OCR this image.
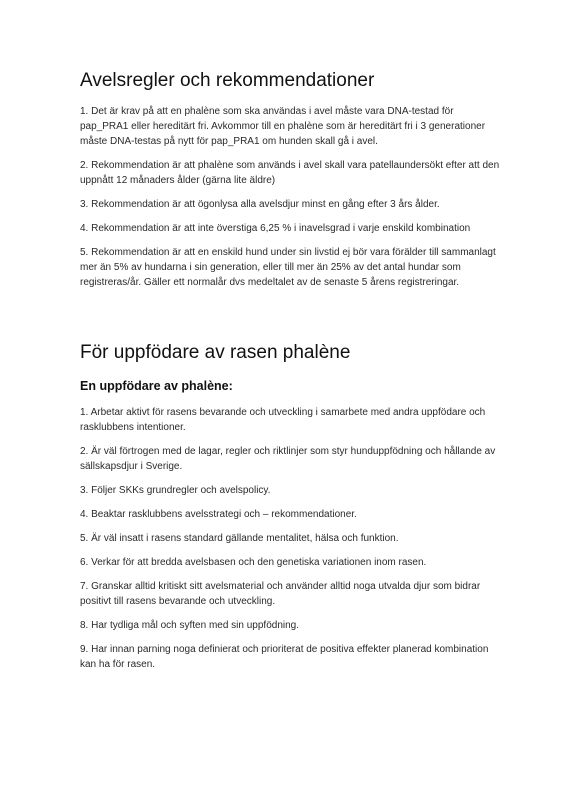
Avelsregler och rekommendationer

1. Det är krav på att en phalène som ska användas i avel måste vara DNA-testad för pap_PRA1 eller hereditärt fri. Avkommor till en phalène som är hereditärt fri i 3 generationer måste DNA-testas på nytt för pap_PRA1 om hunden skall gå i avel.

2. Rekommendation är att phalène som används i avel skall vara patellaundersökt efter att den uppnått 12 månaders ålder (gärna lite äldre)

3. Rekommendation är att ögonlysa alla avelsdjur minst en gång efter 3 års ålder.

4. Rekommendation är att inte överstiga 6,25 % i inavelsgrad i varje enskild kombination

5. Rekommendation är att en enskild hund under sin livstid ej bör vara förälder till sammanlagt mer än 5% av hundarna i sin generation, eller till mer än 25% av det antal hundar som registreras/år. Gäller ett normalår dvs medeltalet av de senaste 5 årens registreringar.

För uppfödare av rasen phalène
En uppfödare av phalène:

1. Arbetar aktivt för rasens bevarande och utveckling i samarbete med andra uppfödare och rasklubbens intentioner.

2. Är väl förtrogen med de lagar, regler och riktlinjer som styr hunduppfödning och hållande av sällskapsdjur i Sverige.

3. Följer SKKs grundregler och avelspolicy.

4. Beaktar rasklubbens avelsstrategi och – rekommendationer.

5. Är väl insatt i rasens standard gällande mentalitet, hälsa och funktion.

6. Verkar för att bredda avelsbasen och den genetiska variationen inom rasen.

7. Granskar alltid kritiskt sitt avelsmaterial och använder alltid noga utvalda djur som bidrar positivt till rasens bevarande och utveckling.

8. Har tydliga mål och syften med sin uppfödning.

9. Har innan parning noga definierat och prioriterat de positiva effekter planerad kombination kan ha för rasen.
